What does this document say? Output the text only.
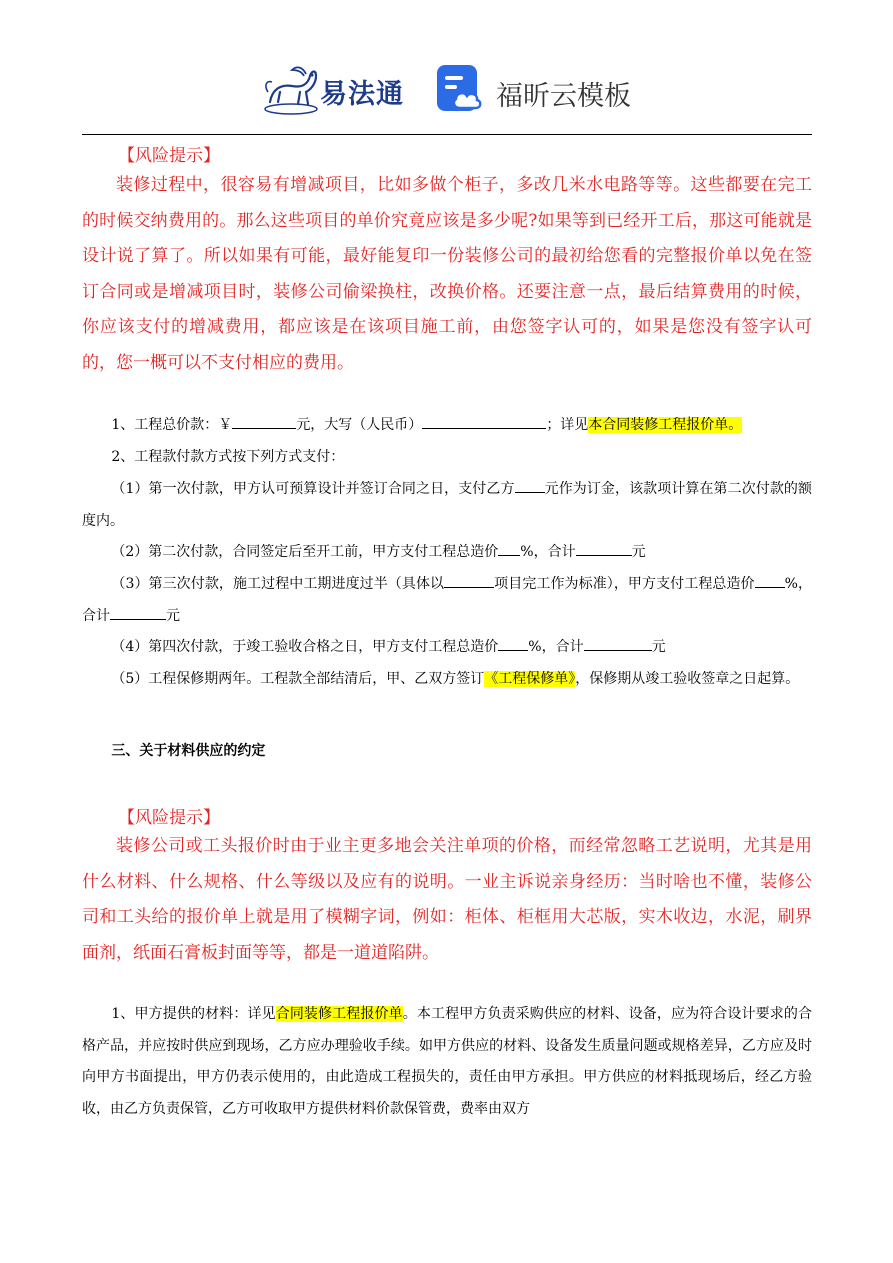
易法通	福昕云模板
【风险提示】

装修过程中，很容易有增减项目，比如多做个柜子，多改几米水电路等等。这些都要在完工的时候交纳费用的。那么这些项目的单价究竟应该是多少呢?如果等到已经开工后，那这可能就是设计说了算了。所以如果有可能，最好能复印一份装修公司的最初给您看的完整报价单以免在签订合同或是增减项目时，装修公司偷梁换柱，改换价格。还要注意一点，最后结算费用的时候，你应该支付的增减费用，都应该是在该项目施工前，由您签字认可的，如果是您没有签字认可的，您一概可以不支付相应的费用。

1、工程总价款：￥	元，大写（人民币）	；详见本合同装修工程报价单。

2、工程款付款方式按下列方式支付：

（1）第一次付款，甲方认可预算设计并签订合同之日，支付乙方 元作为订金，该款项计算在第二次付款的额度内。

（2）第二次付款，合同签定后至开工前，甲方支付工程总造价 %，合计	元

（3）第三次付款，施工过程中工期进度过半（具体以	项目完工作为标准），甲方支付工程总造价 %，合计	元

（4）第四次付款，于竣工验收合格之日，甲方支付工程总造价 %，合计	元

（5）工程保修期两年。工程款全部结清后，甲、乙双方签订《工程保修单》，保修期从竣工验收签章之日起算。

三、关于材料供应的约定

【风险提示】

装修公司或工头报价时由于业主更多地会关注单项的价格，而经常忽略工艺说明，尤其是用什么材料、什么规格、什么等级以及应有的说明。一业主诉说亲身经历：当时啥也不懂，装修公司和工头给的报价单上就是用了模糊字词，例如：柜体、柜框用大芯版，实木收边，水泥，刷界面剂，纸面石膏板封面等等，都是一道道陷阱。

1、甲方提供的材料：详见合同装修工程报价单。本工程甲方负责采购供应的材料、设备，应为符合设计要求的合格产品，并应按时供应到现场，乙方应办理验收手续。如甲方供应的材料、设备发生质量问题或规格差异，乙方应及时向甲方书面提出，甲方仍表示使用的，由此造成工程损失的，责任由甲方承担。甲方供应的材料抵现场后，经乙方验收，由乙方负责保管，乙方可收取甲方提供材料价款保管费，费率由双方
